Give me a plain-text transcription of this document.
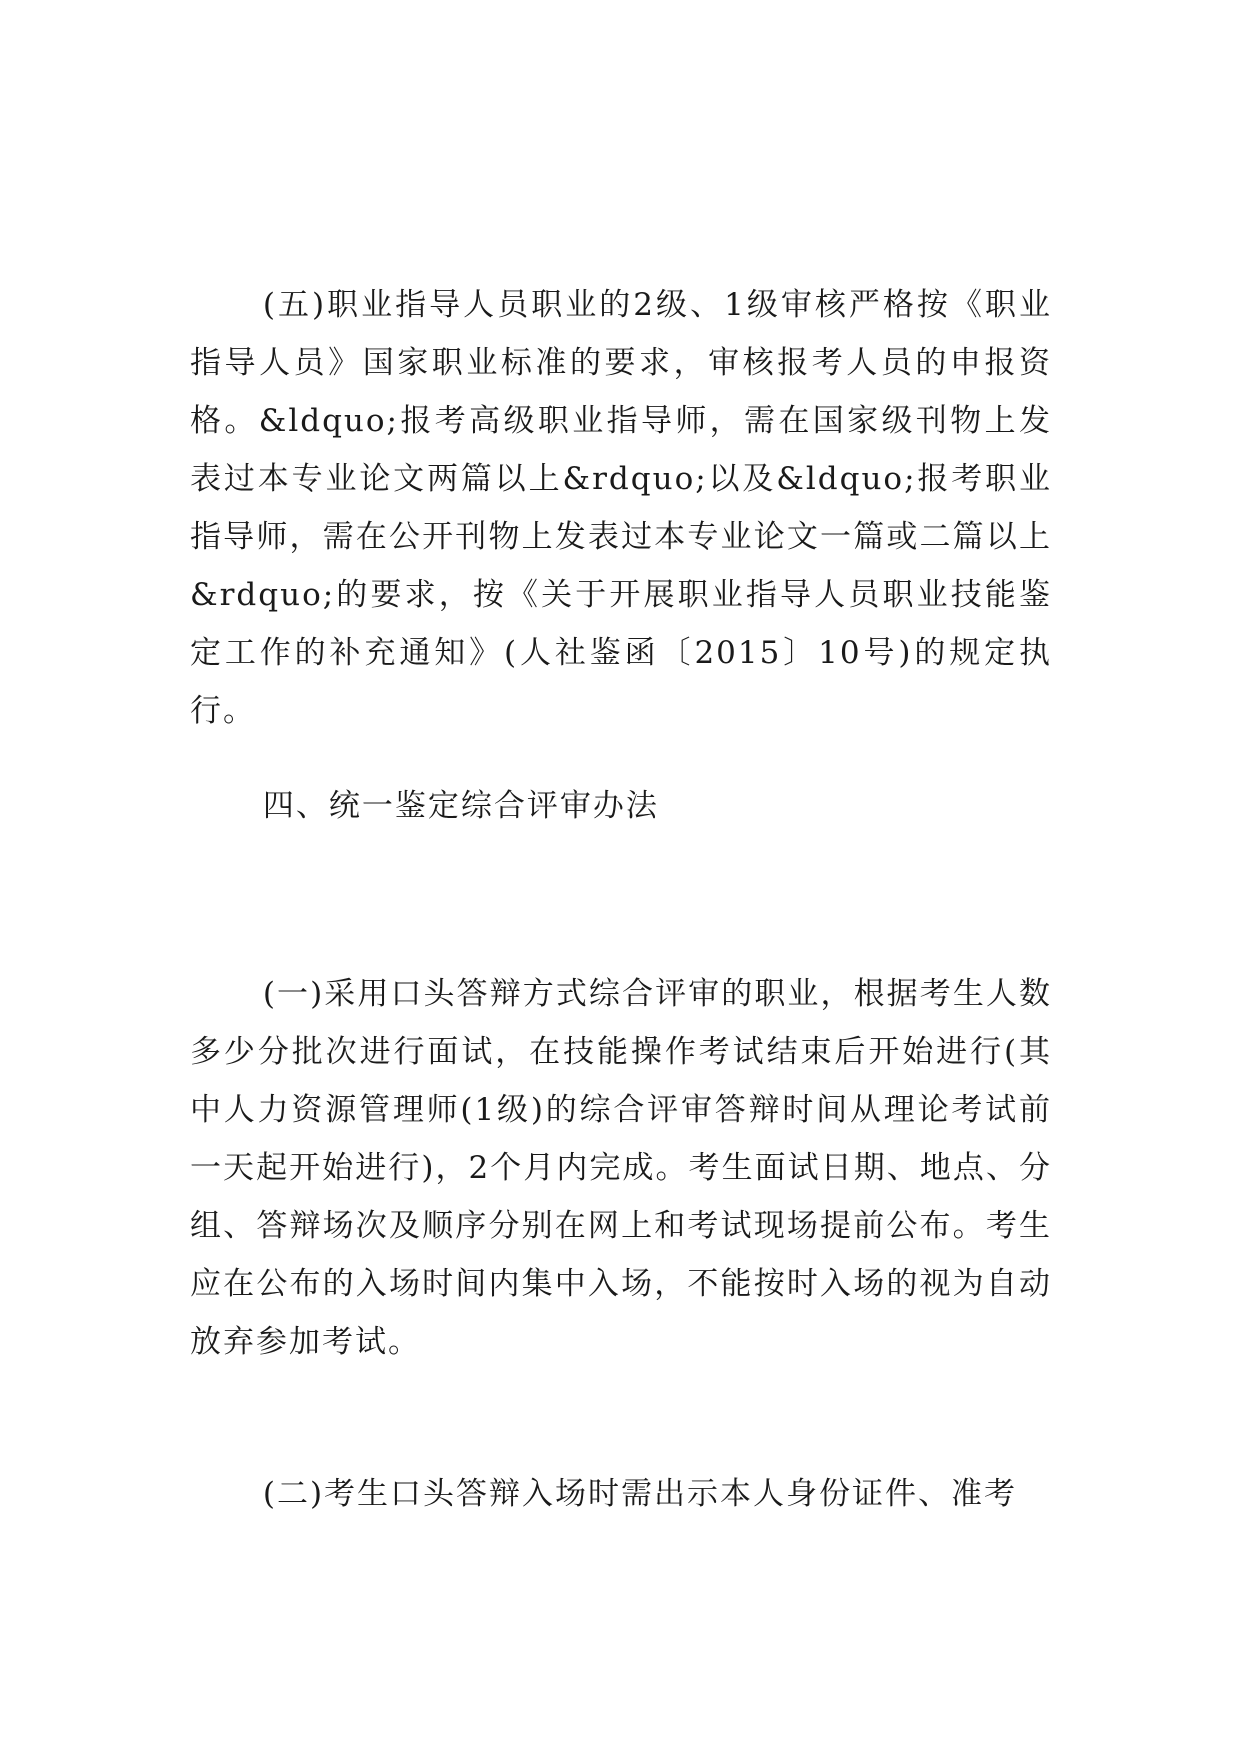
(五)职业指导人员职业的2级、1级审核严格按《职业指导人员》国家职业标准的要求，审核报考人员的申报资格。&ldquo;报考高级职业指导师，需在国家级刊物上发表过本专业论文两篇以上&rdquo;以及&ldquo;报考职业指导师，需在公开刊物上发表过本专业论文一篇或二篇以上&rdquo;的要求，按《关于开展职业指导人员职业技能鉴定工作的补充通知》(人社鉴函〔2015〕10号)的规定执行。

四、统一鉴定综合评审办法

(一)采用口头答辩方式综合评审的职业，根据考生人数多少分批次进行面试，在技能操作考试结束后开始进行(其中人力资源管理师(1级)的综合评审答辩时间从理论考试前一天起开始进行)，2个月内完成。考生面试日期、地点、分组、答辩场次及顺序分别在网上和考试现场提前公布。考生应在公布的入场时间内集中入场，不能按时入场的视为自动放弃参加考试。

(二)考生口头答辩入场时需出示本人身份证件、准考
